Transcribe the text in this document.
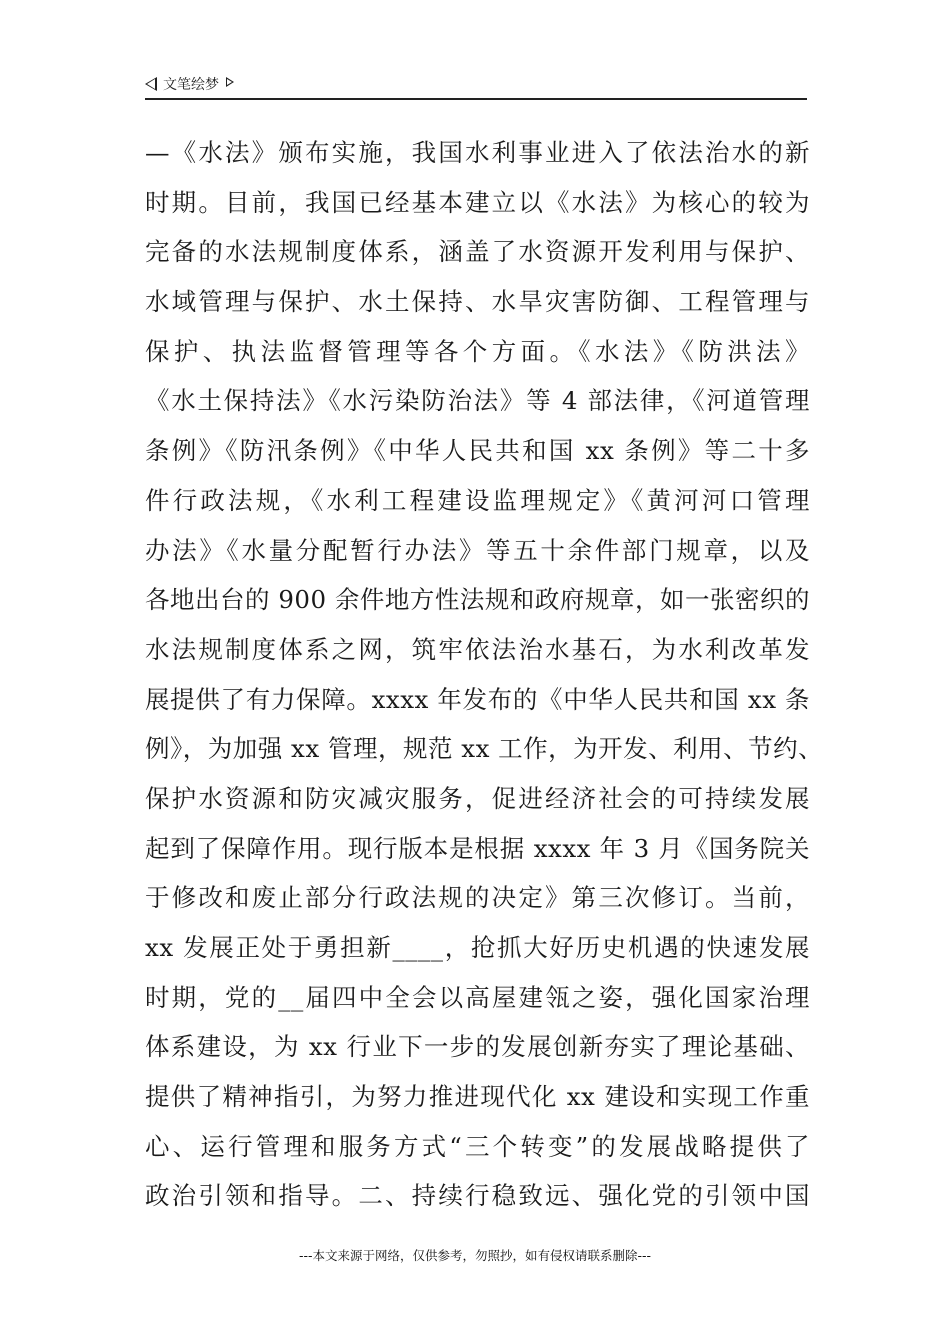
文笔绘梦
—《水法》颁布实施，我国水利事业进入了依法治水的新
时期。目前，我国已经基本建立以《水法》为核心的较为
完备的水法规制度体系，涵盖了水资源开发利用与保护、
水域管理与保护、水土保持、水旱灾害防御、工程管理与
保护、执法监督管理等各个方面。《水法》《防洪法》
《水土保持法》《水污染防治法》等 4 部法律，《河道管理
条例》《防汛条例》《中华人民共和国 xx 条例》等二十多
件行政法规，《水利工程建设监理规定》《黄河河口管理
办法》《水量分配暂行办法》等五十余件部门规章，以及
各地出台的 900 余件地方性法规和政府规章，如一张密织的
水法规制度体系之网，筑牢依法治水基石，为水利改革发
展提供了有力保障。xxxx 年发布的《中华人民共和国 xx 条
例》，为加强 xx 管理，规范 xx 工作，为开发、利用、节约、
保护水资源和防灾减灾服务，促进经济社会的可持续发展
起到了保障作用。现行版本是根据 xxxx 年 3 月《国务院关
于修改和废止部分行政法规的决定》第三次修订。当前，
xx 发展正处于勇担新____，抢抓大好历史机遇的快速发展
时期，党的__届四中全会以高屋建瓴之姿，强化国家治理
体系建设，为 xx 行业下一步的发展创新夯实了理论基础、
提供了精神指引，为努力推进现代化 xx 建设和实现工作重
心、运行管理和服务方式“三个转变”的发展战略提供了
政治引领和指导。二、持续行稳致远、强化党的引领中国
---本文来源于网络，仅供参考，勿照抄，如有侵权请联系删除---
